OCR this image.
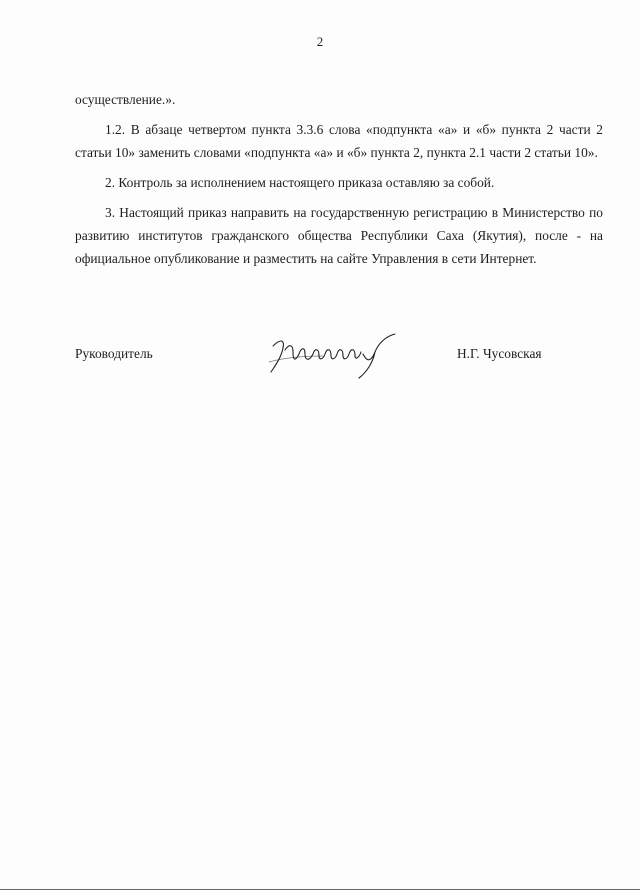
2

осуществление.».

1.2. В абзаце четвертом пункта 3.3.6 слова «подпункта «а» и «б» пункта 2 части 2 статьи 10» заменить словами «подпункта «а» и «б» пункта 2, пункта 2.1 части 2 статьи 10».

2. Контроль за исполнением настоящего приказа оставляю за собой.

3. Настоящий приказ направить на государственную регистрацию в Министерство по развитию институтов гражданского общества Республики Саха (Якутия), после - на официальное опубликование и разместить на сайте Управления в сети Интернет.

Руководитель	Н.Г. Чусовская
